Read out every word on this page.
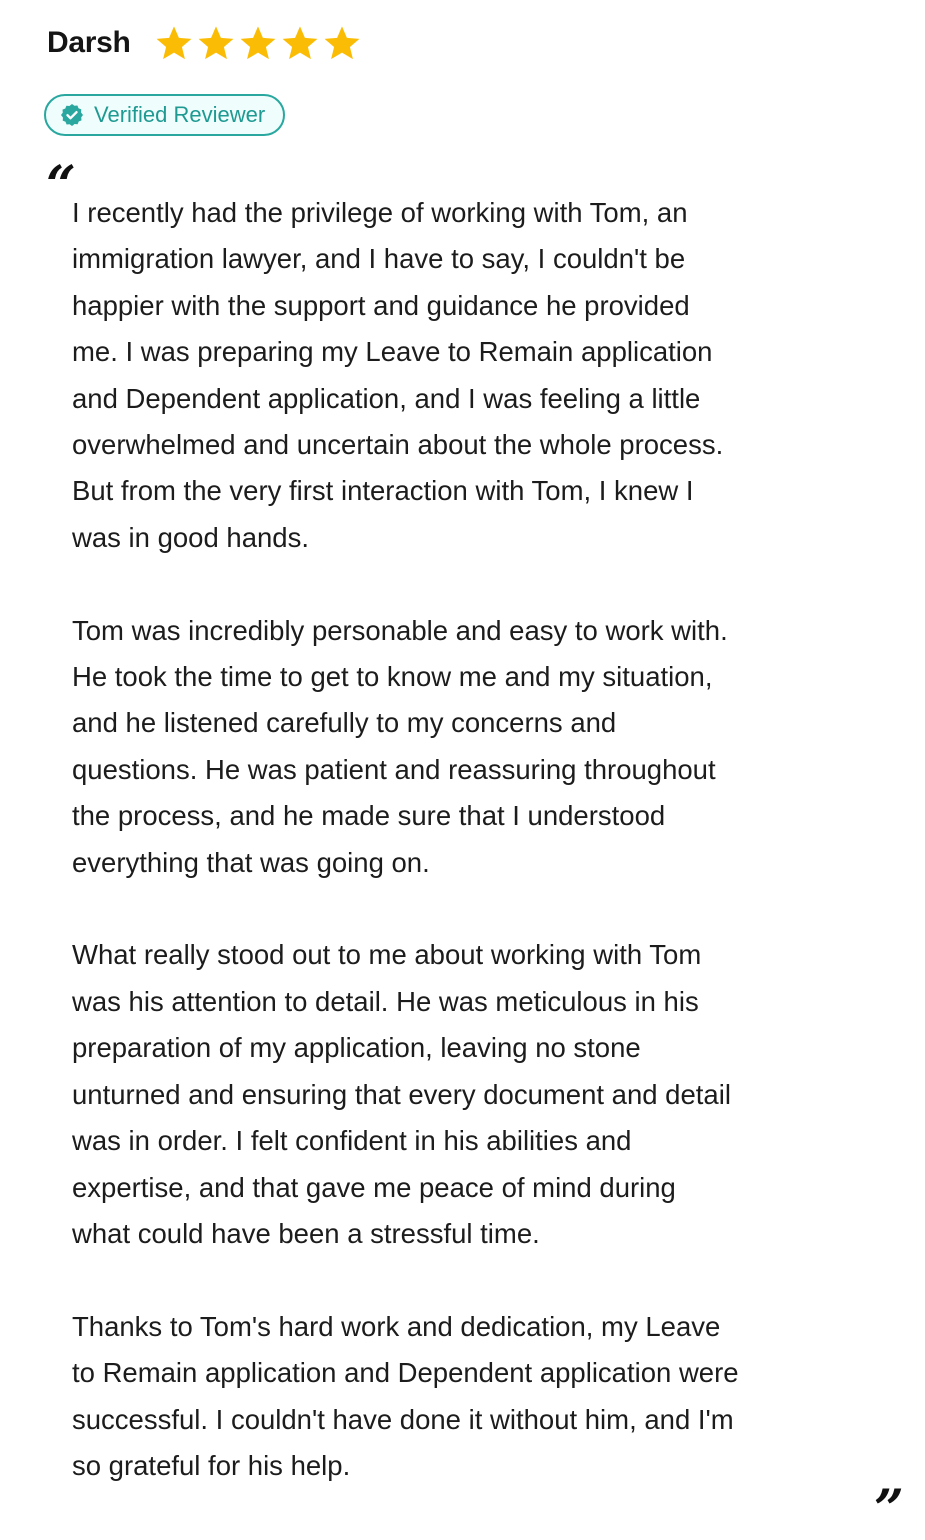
Darsh
Verified Reviewer
“

I recently had the privilege of working with Tom, an
immigration lawyer, and I have to say, I couldn't be
happier with the support and guidance he provided
me. I was preparing my Leave to Remain application
and Dependent application, and I was feeling a little
overwhelmed and uncertain about the whole process.
But from the very first interaction with Tom, I knew I
was in good hands.

Tom was incredibly personable and easy to work with.
He took the time to get to know me and my situation,
and he listened carefully to my concerns and
questions. He was patient and reassuring throughout
the process, and he made sure that I understood
everything that was going on.

What really stood out to me about working with Tom
was his attention to detail. He was meticulous in his
preparation of my application, leaving no stone
unturned and ensuring that every document and detail
was in order. I felt confident in his abilities and
expertise, and that gave me peace of mind during
what could have been a stressful time.

Thanks to Tom's hard work and dedication, my Leave
to Remain application and Dependent application were
successful. I couldn't have done it without him, and I'm
so grateful for his help.

”
